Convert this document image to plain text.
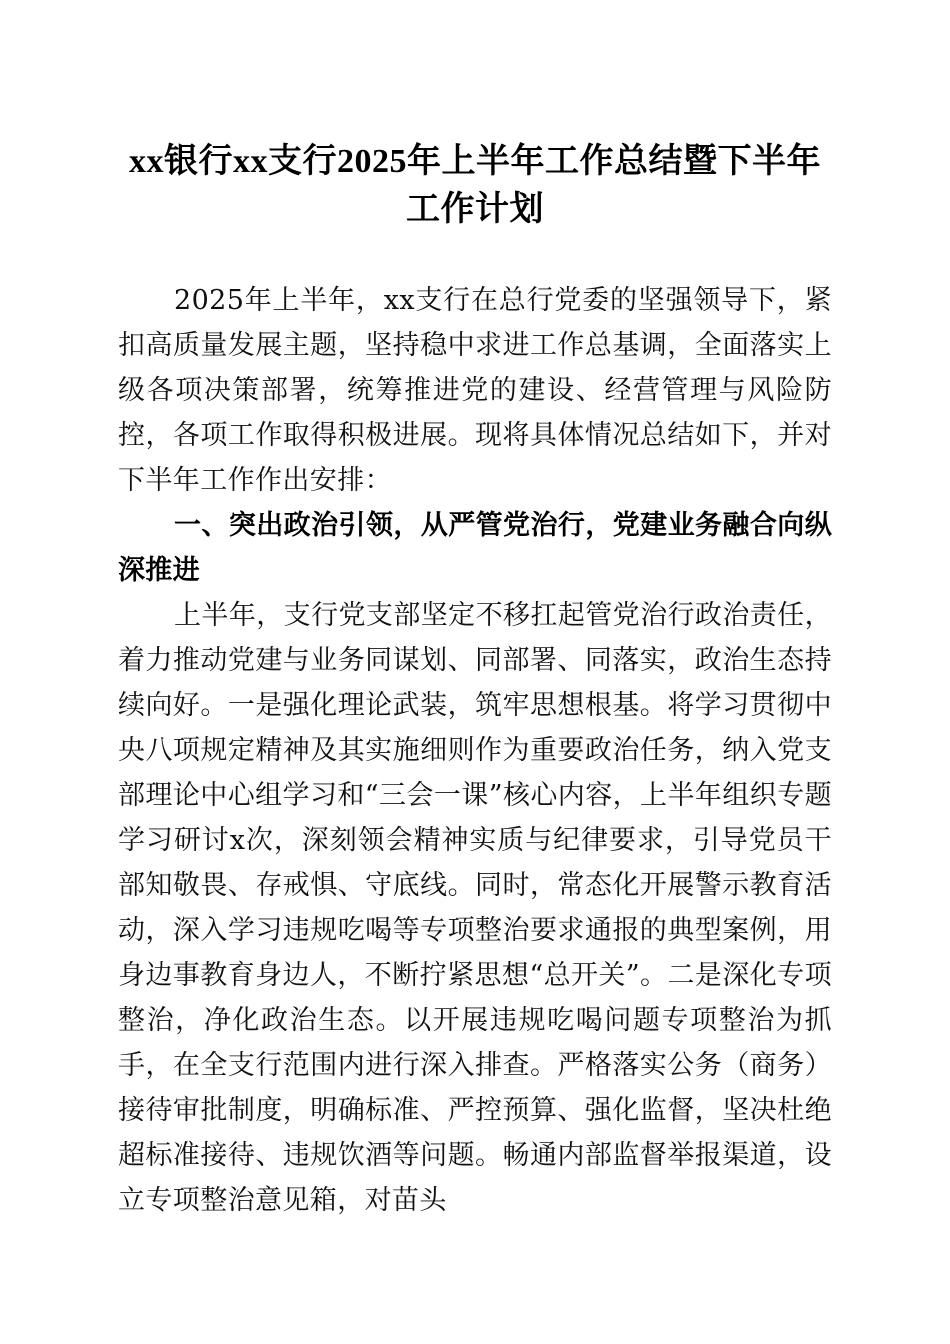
xx银行xx支行2025年上半年工作总结暨下半年工作计划

2025年上半年，xx支行在总行党委的坚强领导下，紧扣高质量发展主题，坚持稳中求进工作总基调，全面落实上级各项决策部署，统筹推进党的建设、经营管理与风险防控，各项工作取得积极进展。现将具体情况总结如下，并对下半年工作作出安排：

一、突出政治引领，从严管党治行，党建业务融合向纵深推进

上半年，支行党支部坚定不移扛起管党治行政治责任，着力推动党建与业务同谋划、同部署、同落实，政治生态持续向好。一是强化理论武装，筑牢思想根基。将学习贯彻中央八项规定精神及其实施细则作为重要政治任务，纳入党支部理论中心组学习和“三会一课”核心内容，上半年组织专题学习研讨x次，深刻领会精神实质与纪律要求，引导党员干部知敬畏、存戒惧、守底线。同时，常态化开展警示教育活动，深入学习违规吃喝等专项整治要求通报的典型案例，用身边事教育身边人，不断拧紧思想“总开关”。二是深化专项整治，净化政治生态。以开展违规吃喝问题专项整治为抓手，在全支行范围内进行深入排查。严格落实公务（商务）接待审批制度，明确标准、严控预算、强化监督，坚决杜绝超标准接待、违规饮酒等问题。畅通内部监督举报渠道，设立专项整治意见箱，对苗头
